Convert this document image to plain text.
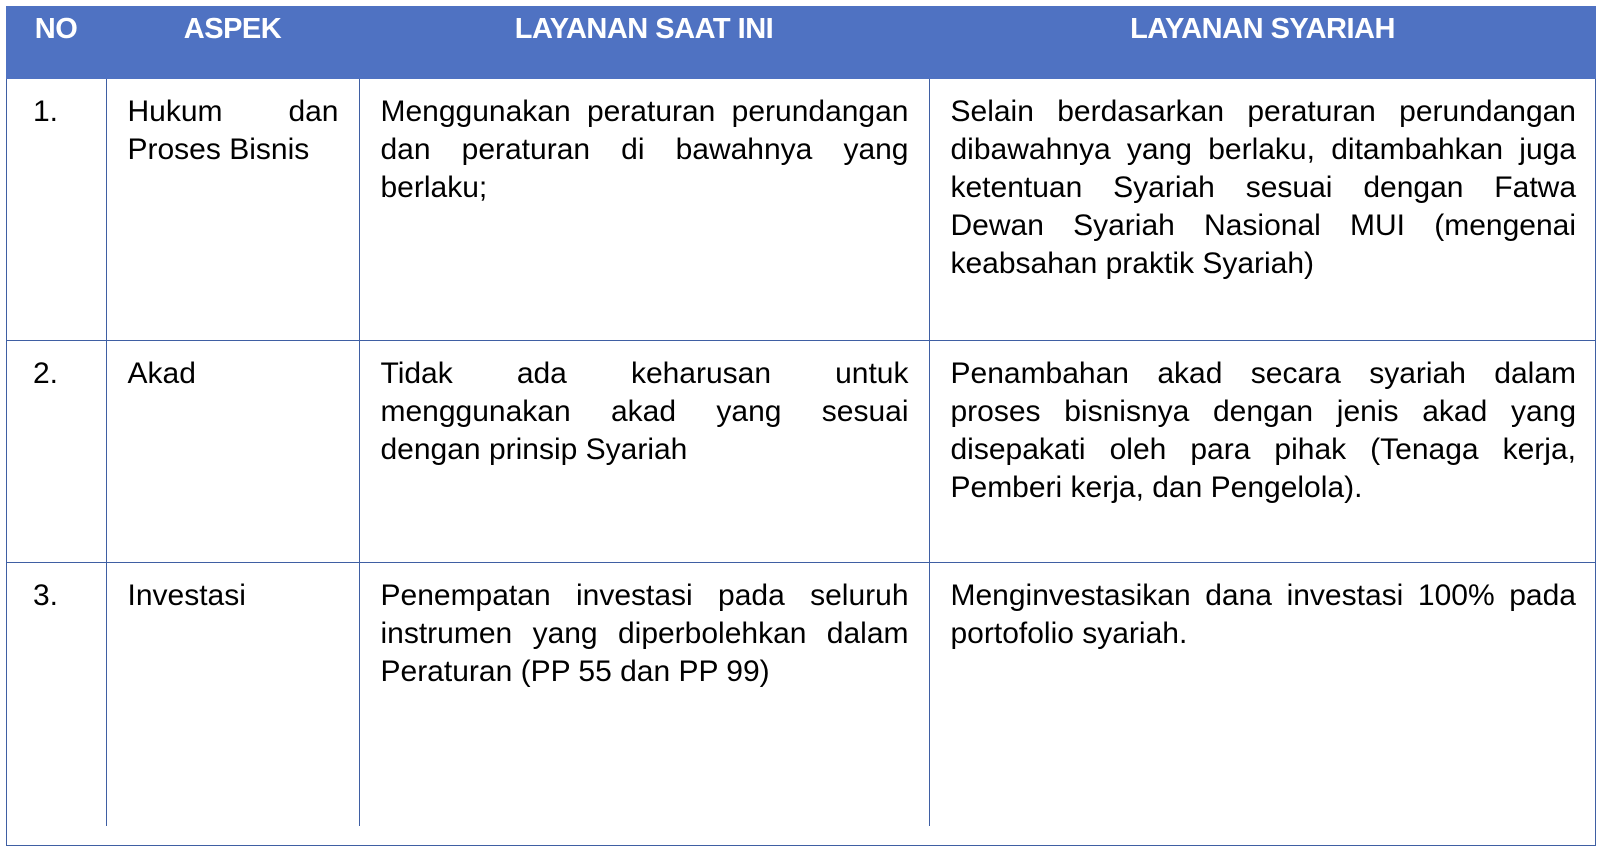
NO	ASPEK	LAYANAN SAAT INI	LAYANAN SYARIAH

1.	Hukum dan Proses Bisnis	Menggunakan peraturan perundangan dan peraturan di bawahnya yang berlaku;	Selain berdasarkan peraturan perundangan dibawahnya yang berlaku, ditambahkan juga ketentuan Syariah sesuai dengan Fatwa Dewan Syariah Nasional MUI (mengenai keabsahan praktik Syariah)
2.	Akad	Tidak ada keharusan untuk menggunakan akad yang sesuai dengan prinsip Syariah	Penambahan akad secara syariah dalam proses bisnisnya dengan jenis akad yang disepakati oleh para pihak (Tenaga kerja, Pemberi kerja, dan Pengelola).
3.	Investasi	Penempatan investasi pada seluruh instrumen yang diperbolehkan dalam Peraturan (PP 55 dan PP 99)	Menginvestasikan dana investasi 100% pada portofolio syariah.
